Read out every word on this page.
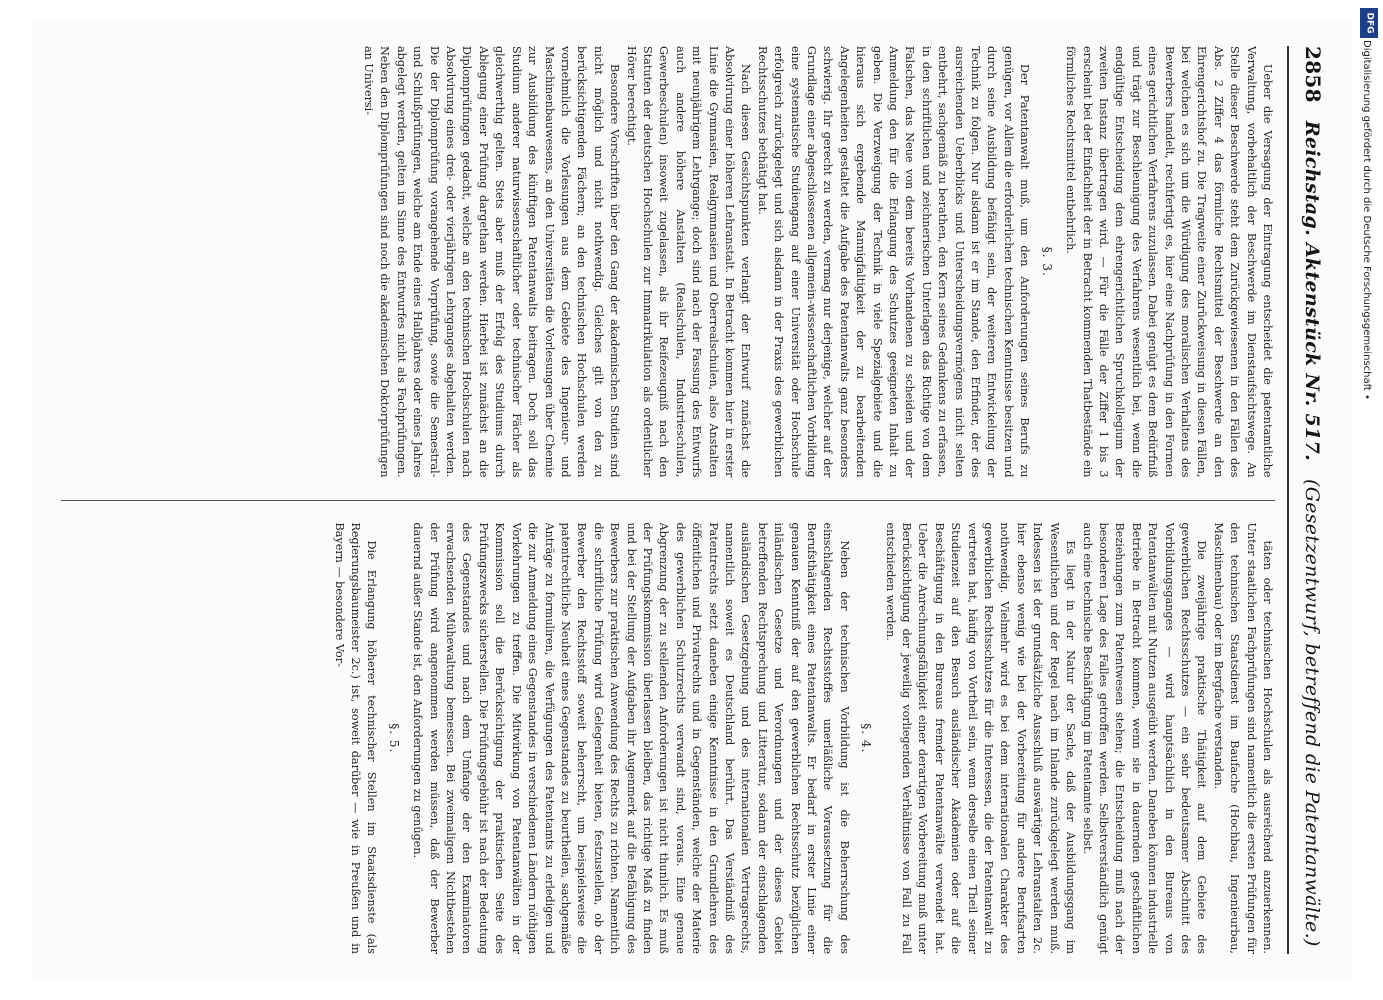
2858
Reichstag. Aktenstück Nr. 517.
(Gesetzentwurf, betreffend die Patentanwälte.)

Ueber die Versagung der Eintragung entscheidet die patentamtliche Verwaltung, vorbehaltlich der Beschwerde im Dienstaufsichtswege. An Stelle dieser Beschwerde steht dem Zurückgewiesenen in den Fällen des Abs. 2 Ziffer 4 das förmliche Rechtsmittel der Beschwerde an den Ehrengerichtshof zu. Die Tragweite einer Zurückweisung in diesen Fällen, bei welchen es sich um die Würdigung des moralischen Verhaltens des Bewerbers handelt, rechtfertigt es, hier eine Nachprüfung in den Formen eines gerichtlichen Verfahrens zuzulassen. Dabei genügt es dem Bedürfniß und trägt zur Beschleunigung des Verfahrens wesentlich bei, wenn die endgültige Entscheidung dem ehrengerichtlichen Spruchkollegium der zweiten Instanz übertragen wird. — Für die Fälle der Ziffer 1 bis 3 erscheint bei der Einfachheit der in Betracht kommenden Thatbestände ein förmliches Rechtsmittel entbehrlich.

§. 3.

Der Patentanwalt muß, um den Anforderungen seines Berufs zu genügen, vor Allem die erforderlichen technischen Kenntnisse besitzen und durch seine Ausbildung befähigt sein, der weiteren Entwickelung der Technik zu folgen. Nur alsdann ist er im Stande, den Erfinder, der des ausreichenden Ueberblicks und Unterscheidungsvermögens nicht selten entbehrt, sachgemäß zu berathen, den Kern seines Gedankens zu erfassen, in den schriftlichen und zeichnerischen Unterlagen das Richtige von dem Falschen, das Neue von dem bereits Vorhandenen zu scheiden und der Anmeldung den für die Erlangung des Schutzes geeigneten Inhalt zu geben. Die Verzweigung der Technik in viele Spezialgebiete und die hieraus sich ergebende Mannigfaltigkeit der zu bearbeitenden Angelegenheiten gestaltet die Aufgabe des Patentanwalts ganz besonders schwierig. Ihr gerecht zu werden, vermag nur derjenige, welcher auf der Grundlage einer abgeschlossenen allgemein-wissenschaftlichen Vorbildung eine systematische Studiengang auf einer Universität oder Hochschule erfolgreich zurückgelegt und sich alsdann in der Praxis des gewerblichen Rechtsschutzes bethätigt hat.

Nach diesen Gesichtspunkten verlangt der Entwurf zunächst die Absolvirung einer höheren Lehranstalt. In Betracht kommen hier in erster Linie die Gymnasien, Realgymnasien und Oberrealschulen, also Anstalten mit neunjährigem Lehrgange; doch sind nach der Fassung des Entwurfs auch andere höhere Anstalten (Realschulen, Industrieschulen, Gewerbeschulen) insoweit zugelassen, als ihr Reifezeugniß nach den Statuten der deutschen Hochschulen zur Immatrikulation als ordentlicher Hörer berechtigt.

Besondere Vorschriften über den Gang der akademischen Studien sind nicht möglich und nicht nothwendig. Gleiches gilt von den zu berücksichtigenden Fächern; an den technischen Hochschulen werden vornehmlich die Vorlesungen aus dem Gebiete des Ingenieur- und Maschinenbauwesens, an den Universitäten die Vorlesungen über Chemie zur Ausbildung des künftigen Patentanwalts beitragen. Doch soll das Studium anderer naturwissenschaftlicher oder technischer Fächer als gleichwerthig gelten. Stets aber muß der Erfolg des Studiums durch Ablegung einer Prüfung dargethan werden. Hierbei ist zunächst an die Diplomprüfungen gedacht, welche an den technischen Hochschulen nach Absolvirung eines drei- oder vierjährigen Lehrganges abgehalten werden. Die der Diplomprüfung vorangehende Vorprüfung, sowie die Semestral- und Schlußprüfungen, welche am Ende eines Halbjahres oder eines Jahres abgelegt werden, gelten im Sinne des Entwurfes nicht als Fachprüfungen. Neben den Diplomprüfungen sind noch die akademischen Doktorprüfungen an Universi-

täten oder technischen Hochschulen als ausreichend anzuerkennen. Unter staatlichen Fachprüfungen sind namentlich die ersten Prüfungen für den technischen Staatsdienst im Baufache (Hochbau, Ingenieurbau, Maschinenbau) oder im Bergfache verstanden.

Die zweijährige praktische Thätigkeit auf dem Gebiete des gewerblichen Rechtsschutzes — ein sehr bedeutsamer Abschnitt des Vorbildungsganges — wird hauptsächlich in den Bureaus von Patentanwälten mit Nutzen ausgeübt werden. Daneben können industrielle Betriebe in Betracht kommen, wenn sie in dauernden geschäftlichen Beziehungen zum Patentwesen stehen; die Entscheidung muß nach der besonderen Lage des Falles getroffen werden. Selbstverständlich genügt auch eine technische Beschäftigung im Patentamte selbst.

Es liegt in der Natur der Sache, daß der Ausbildungsgang im Wesentlichen und der Regel nach im Inlande zurückgelegt werden muß. Indessen ist der grundsätzliche Ausschluß auswärtiger Lehranstalten 2c. hier ebenso wenig wie bei der Vorbereitung für andere Berufsarten nothwendig. Vielmehr wird es bei dem internationalen Charakter des gewerblichen Rechtsschutzes für die Interessen, die der Patentanwalt zu vertreten hat, häufig von Vortheil sein, wenn derselbe einen Theil seiner Studienzeit auf den Besuch ausländischer Akademien oder auf die Beschäftigung in den Bureaus fremder Patentanwälte verwendet hat. Ueber die Anrechnungsfähigkeit einer derartigen Vorbereitung muß unter Berücksichtigung der jeweilig vorliegenden Verhältnisse von Fall zu Fall entschieden werden.

§. 4.

Neben der technischen Vorbildung ist die Beherrschung des einschlagenden Rechtsstoffes unerläßliche Voraussetzung für die Berufsthätigkeit eines Patentanwalts. Er bedarf in erster Linie einer genauen Kenntniß der auf den gewerblichen Rechtsschutz bezüglichen inländischen Gesetze und Verordnungen und der dieses Gebiet betreffenden Rechtsprechung und Litteratur, sodann der einschlagenden ausländischen Gesetzgebung und des internationalen Vertragsrechts, namentlich soweit es Deutschland berührt. Das Verständniß des Patentrechts setzt daneben einige Kenntnisse in den Grundlehren des öffentlichen und Privatrechts und in Gegenständen, welche der Materie des gewerblichen Schutzrechts verwandt sind, voraus. Eine genaue Abgrenzung der zu stellenden Anforderungen ist nicht thunlich. Es muß der Prüfungskommission überlassen bleiben, das richtige Maß zu finden und bei der Stellung der Aufgaben ihr Augenmerk auf die Befähigung des Bewerbers zur praktischen Anwendung des Rechts zu richten. Namentlich die schriftliche Prüfung wird Gelegenheit bieten, festzustellen, ob der Bewerber den Rechtsstoff soweit beherrscht, um beispielsweise die patentrechtliche Neuheit eines Gegenstandes zu beurtheilen, sachgemäße Anträge zu formuliren, die Verfügungen des Patentamts zu erledigen und die zur Anmeldung eines Gegenstandes in verschiedenen Ländern nöthigen Vorkehrungen zu treffen. Die Mitwirkung von Patentanwälten in der Kommission soll die Berücksichtigung der praktischen Seite des Prüfungszwecks sicherstellen. Die Prüfungsgebühr ist nach der Bedeutung des Gegenstandes und nach dem Umfange der den Examinatoren erwachsenden Mühewaltung bemessen. Bei zweimaligem Nichtbestehen der Prüfung wird angenommen werden müssen, daß der Bewerber dauernd außer Stande ist, den Anforderungen zu genügen.

§. 5.

Die Erlangung höherer technischer Stellen im Staatsdienste (als Regierungsbaumeister 2c.) ist, soweit darüber — wie in Preußen und in Bayern — besondere Vor-

DFG
Digitalisierung gefördert durch die Deutsche Forschungsgemeinschaft •
